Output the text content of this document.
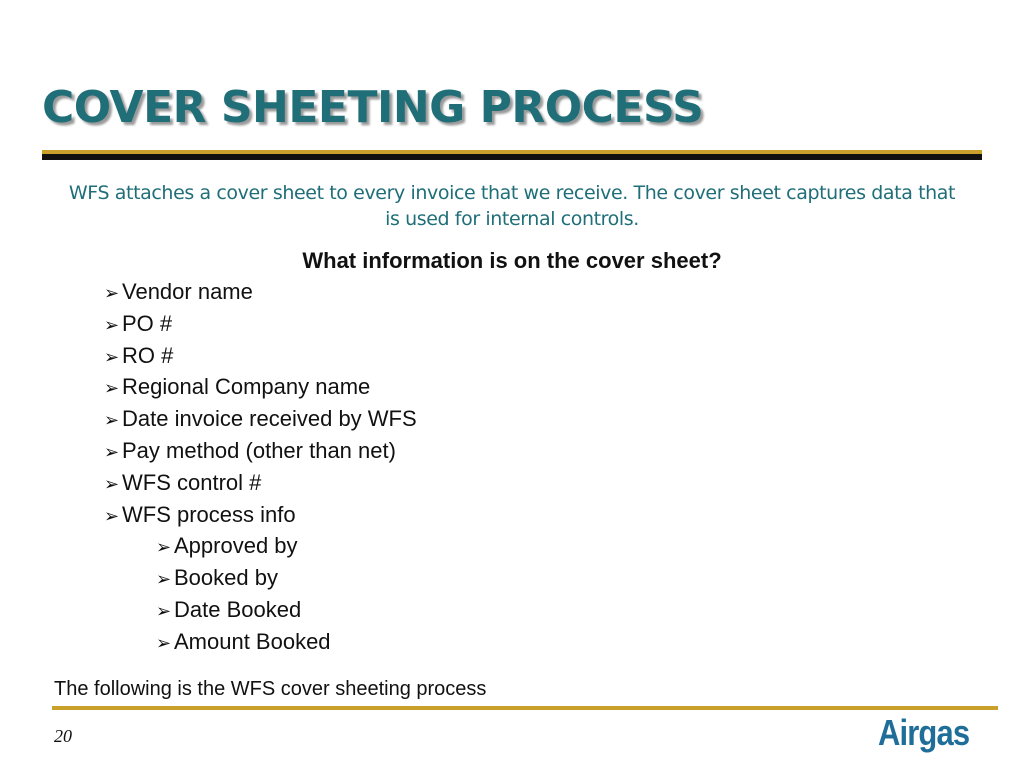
COVER SHEETING PROCESS
WFS attaches a cover sheet to every invoice that we receive. The cover sheet captures data that is used for internal controls.
What information is on the cover sheet?
➢ Vendor name
➢ PO #
➢ RO #
➢ Regional Company name
➢ Date invoice received by WFS
➢ Pay method (other than net)
➢ WFS control #
➢ WFS process info
➢ Approved by
➢ Booked by
➢ Date Booked
➢ Amount Booked
The following is the WFS cover sheeting process
20	Airgas
